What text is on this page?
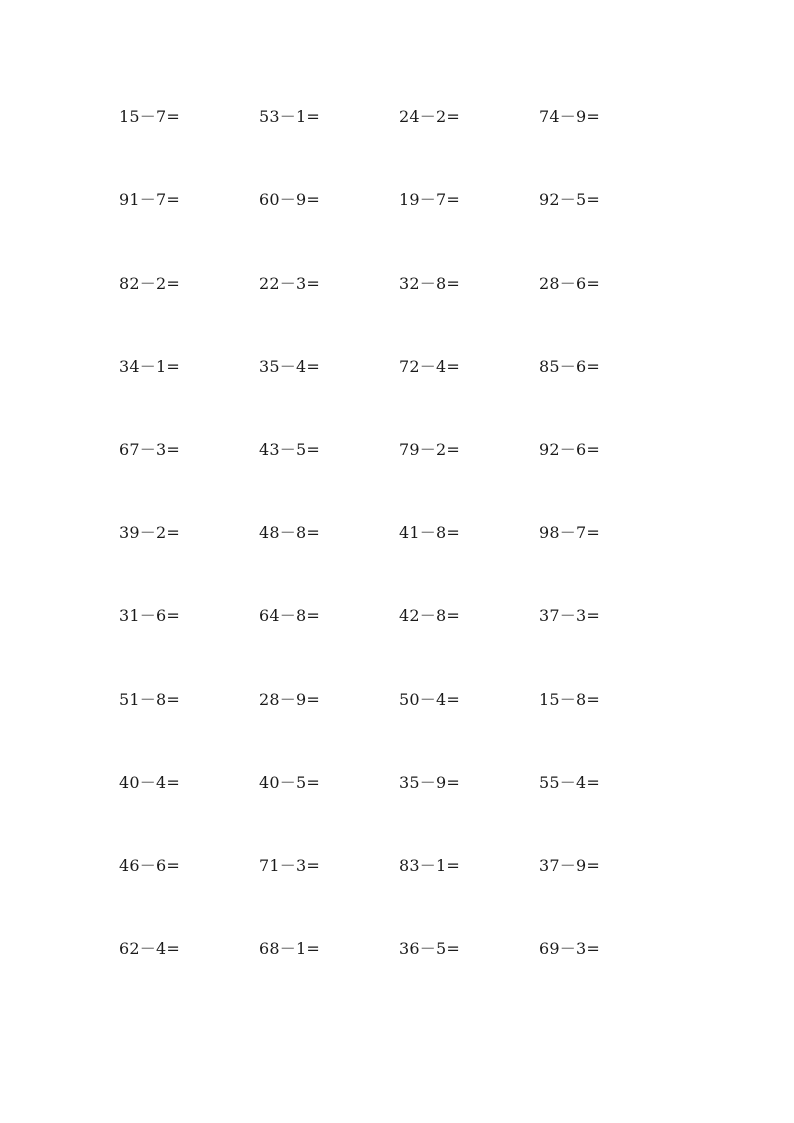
15－7=	53－1=	24－2=	74－9=
91－7=	60－9=	19－7=	92－5=
82－2=	22－3=	32－8=	28－6=
34－1=	35－4=	72－4=	85－6=
67－3=	43－5=	79－2=	92－6=
39－2=	48－8=	41－8=	98－7=
31－6=	64－8=	42－8=	37－3=
51－8=	28－9=	50－4=	15－8=
40－4=	40－5=	35－9=	55－4=
46－6=	71－3=	83－1=	37－9=
62－4=	68－1=	36－5=	69－3=
